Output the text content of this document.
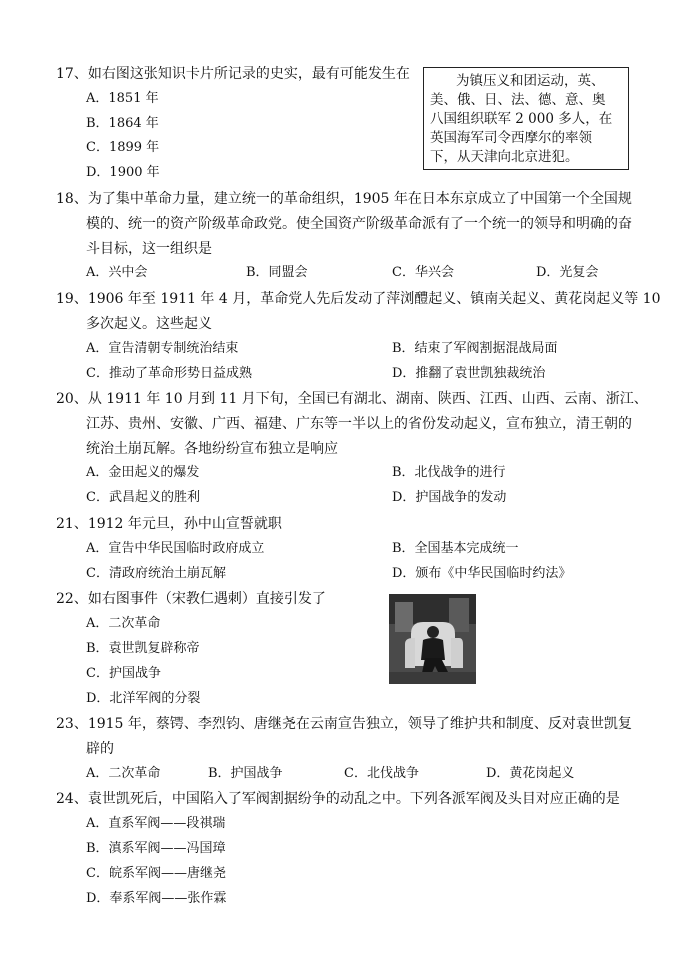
17、如右图这张知识卡片所记录的史实，最有可能发生在
A．1851 年
B．1864 年
C．1899 年
D．1900 年
为镇压义和团运动，英、
美、俄、日、法、德、意、奥
八国组织联军 2 000 多人，在
英国海军司令西摩尔的率领
下，从天津向北京进犯。
18、为了集中革命力量，建立统一的革命组织，1905 年在日本东京成立了中国第一个全国规
模的、统一的资产阶级革命政党。使全国资产阶级革命派有了一个统一的领导和明确的奋
斗目标，这一组织是
A．兴中会	B．同盟会	C．华兴会	D．光复会
19、1906 年至 1911 年 4 月，革命党人先后发动了萍浏醴起义、镇南关起义、黄花岗起义等 10
多次起义。这些起义
A．宣告清朝专制统治结束	B．结束了军阀割据混战局面
C．推动了革命形势日益成熟	D．推翻了袁世凯独裁统治
20、从 1911 年 10 月到 11 月下旬，全国已有湖北、湖南、陕西、江西、山西、云南、浙江、
江苏、贵州、安徽、广西、福建、广东等一半以上的省份发动起义，宣布独立，清王朝的
统治土崩瓦解。各地纷纷宣布独立是响应
A．金田起义的爆发	B．北伐战争的进行
C．武昌起义的胜利	D．护国战争的发动
21、1912 年元旦，孙中山宣誓就职
A．宣告中华民国临时政府成立	B．全国基本完成统一
C．清政府统治土崩瓦解	D．颁布《中华民国临时约法》
22、如右图事件（宋教仁遇刺）直接引发了
A．二次革命
B．袁世凯复辟称帝
C．护国战争
D．北洋军阀的分裂
23、1915 年，蔡锷、李烈钧、唐继尧在云南宣告独立，领导了维护共和制度、反对袁世凯复
辟的
A．二次革命	B．护国战争	C．北伐战争	D．黄花岗起义
24、袁世凯死后，中国陷入了军阀割据纷争的动乱之中。下列各派军阀及头目对应正确的是
A．直系军阀——段祺瑞
B．滇系军阀——冯国璋
C．皖系军阀——唐继尧
D．奉系军阀——张作霖
